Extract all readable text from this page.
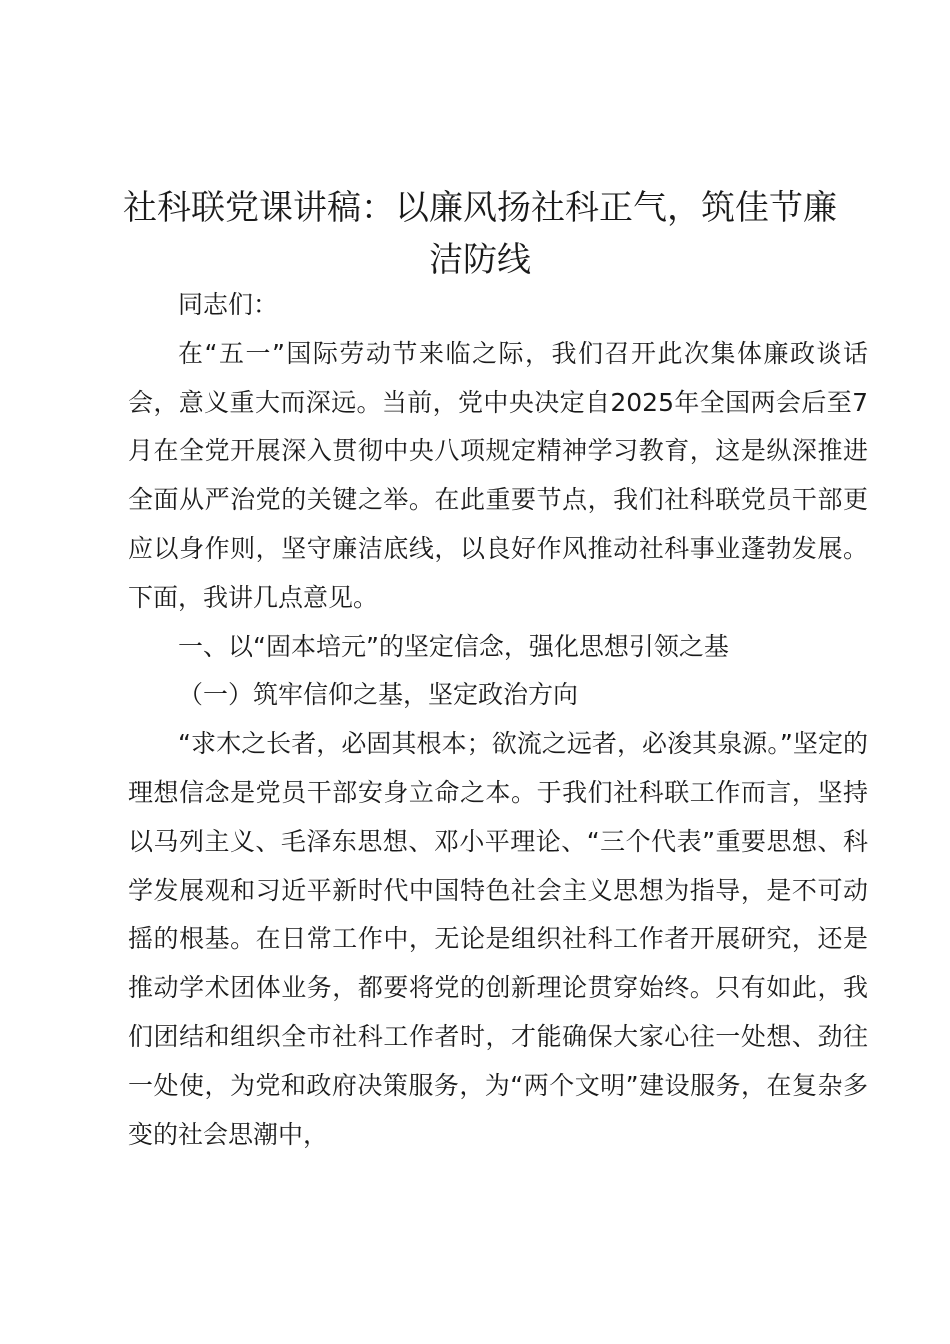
社科联党课讲稿：以廉风扬社科正气，筑佳节廉洁防线

同志们：

在“五一”国际劳动节来临之际，我们召开此次集体廉政谈话会，意义重大而深远。当前，党中央决定自2025年全国两会后至7月在全党开展深入贯彻中央八项规定精神学习教育，这是纵深推进全面从严治党的关键之举。在此重要节点，我们社科联党员干部更应以身作则，坚守廉洁底线，以良好作风推动社科事业蓬勃发展。下面，我讲几点意见。

一、以“固本培元”的坚定信念，强化思想引领之基

（一）筑牢信仰之基，坚定政治方向

“求木之长者，必固其根本；欲流之远者，必浚其泉源。”坚定的理想信念是党员干部安身立命之本。于我们社科联工作而言，坚持以马列主义、毛泽东思想、邓小平理论、“三个代表”重要思想、科学发展观和习近平新时代中国特色社会主义思想为指导，是不可动摇的根基。在日常工作中，无论是组织社科工作者开展研究，还是推动学术团体业务，都要将党的创新理论贯穿始终。只有如此，我们团结和组织全市社科工作者时，才能确保大家心往一处想、劲往一处使，为党和政府决策服务，为“两个文明”建设服务，在复杂多变的社会思潮中，
